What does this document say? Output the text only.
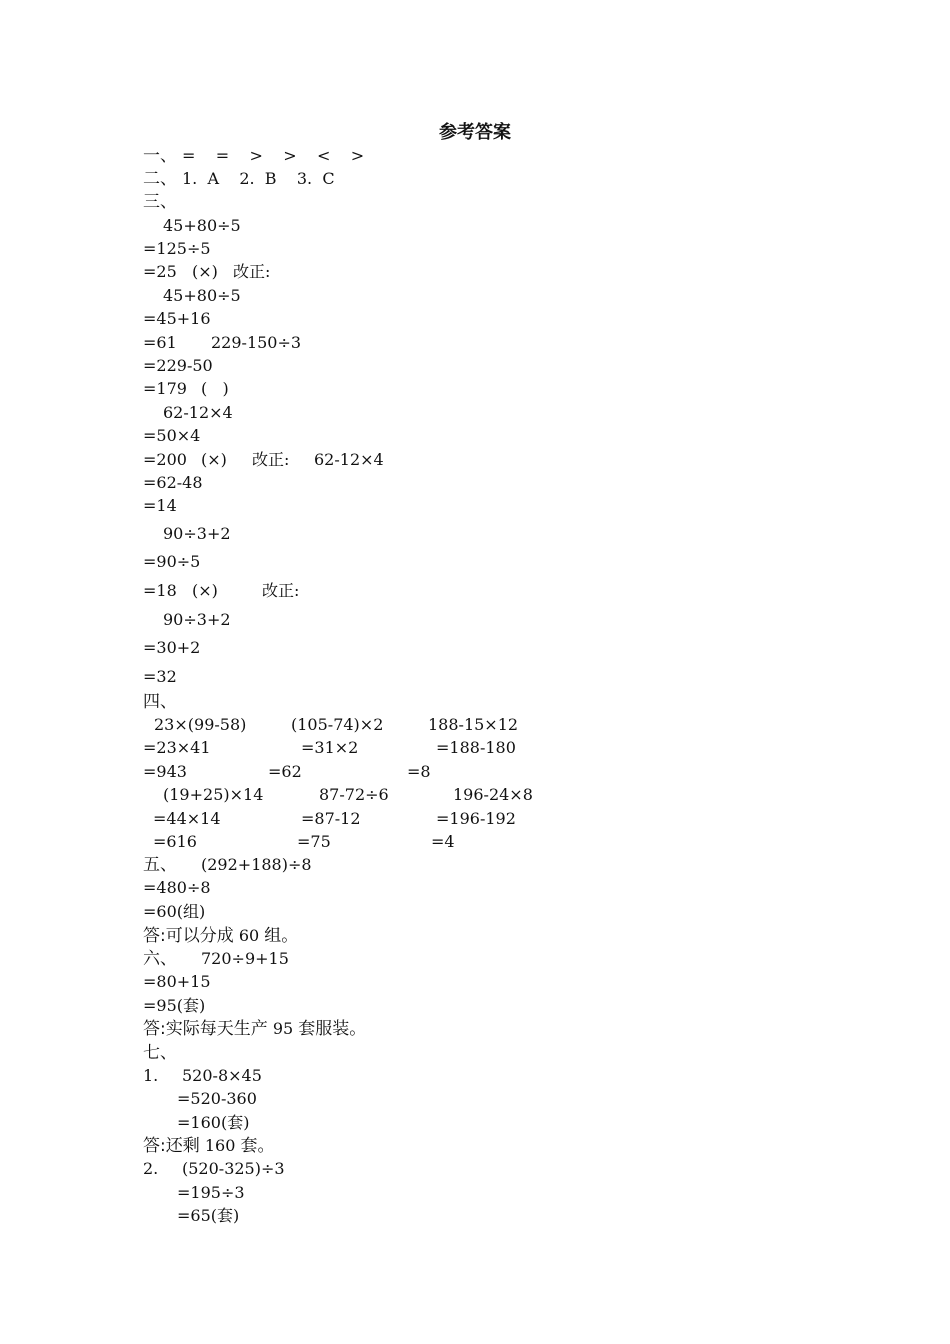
参考答案
一、 =    =    >    >    <    >
二、 1.  A    2.  B    3.  C
三、
45+80÷5
=125÷5
=25 (×) 改正:
45+80÷5
=45+16
=61 229-150÷3
=229-50
=179 (   )
62-12×4
=50×4
=200 (×) 改正: 62-12×4
=62-48
=14
90÷3+2
=90÷5
=18 (×)	改正:
90÷3+2
=30+2
=32
四、
23×(99-58)	(105-74)×2	188-15×12
=23×41	=31×2	=188-180
=943	=62	=8
(19+25)×14	87-72÷6	196-24×8
=44×14	=87-12	=196-192
=616	=75	=4
五、 (292+188)÷8
=480÷8
=60(组)
答:可以分成 60 组。
六、 720÷9+15
=80+15
=95(套)
答:实际每天生产 95 套服装。
七、
1. 520-8×45
=520-360
=160(套)
答:还剩 160 套。
2. (520-325)÷3
=195÷3
=65(套)
